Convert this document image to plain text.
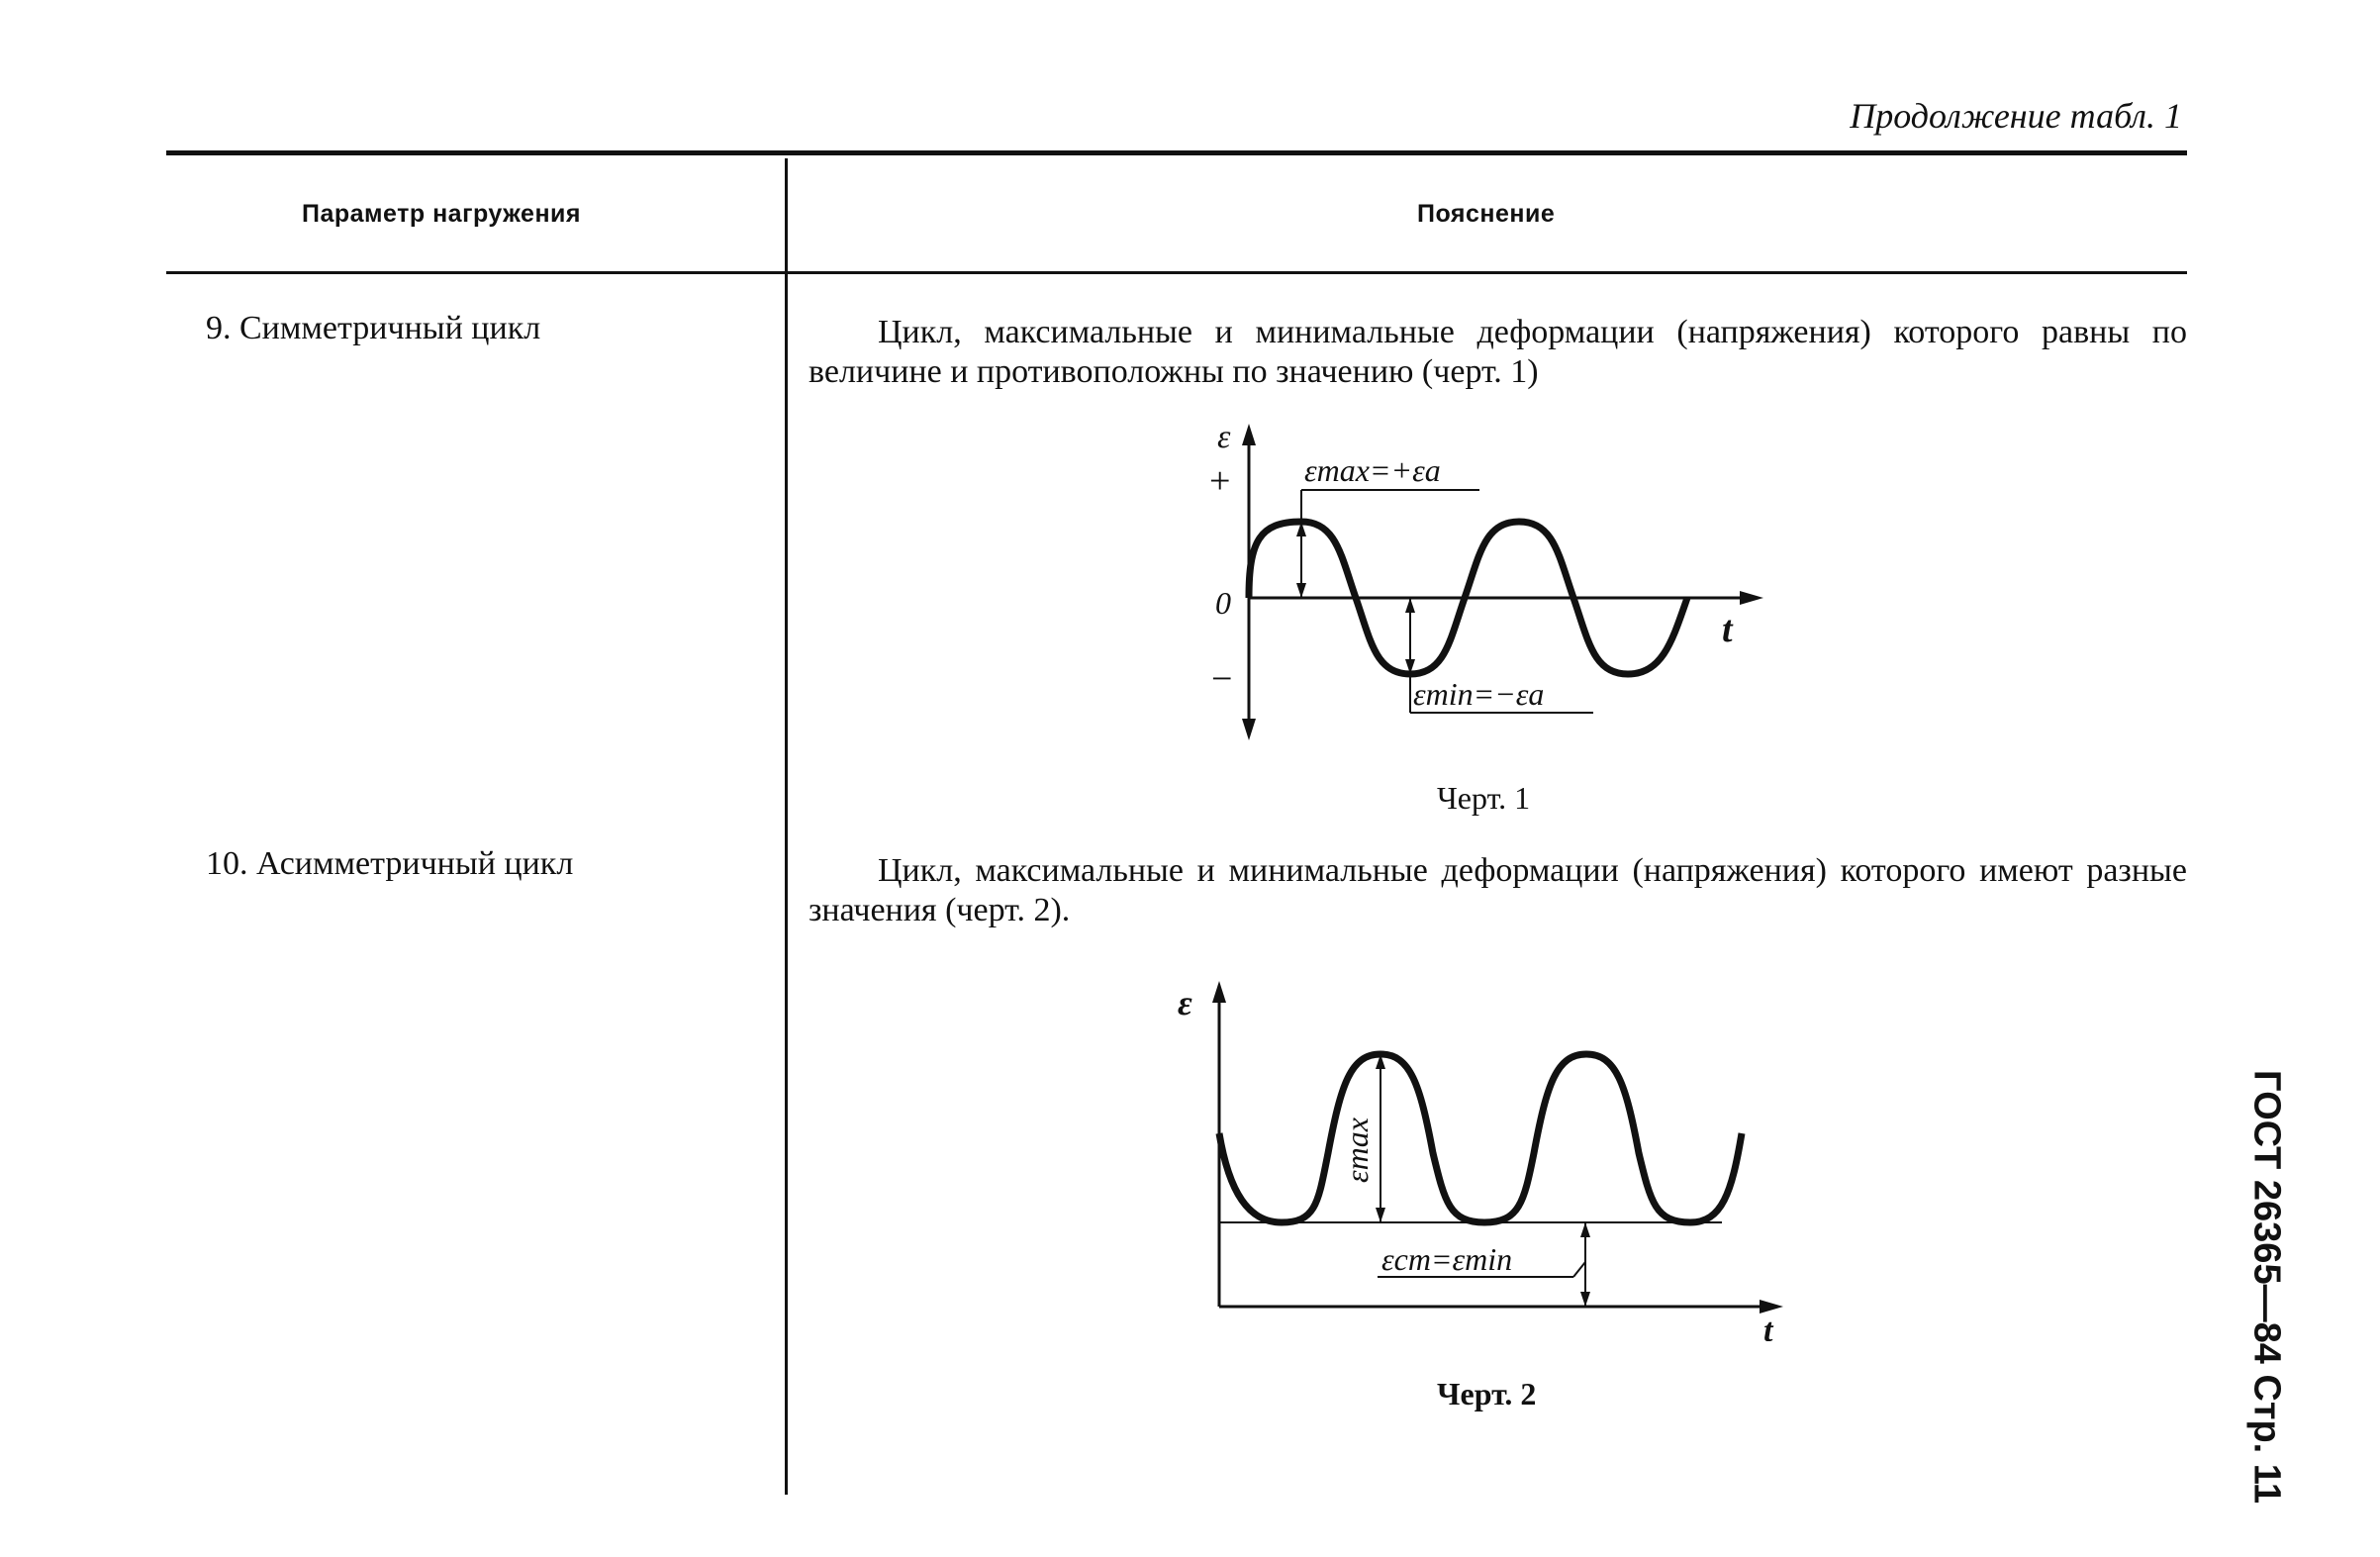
Продолжение табл. 1
Параметр нагружения	Пояснение
9. Симметричный цикл	Цикл, максимальные и минимальные деформации (напряжения) которого равны по величине и противоположны по значению (черт. 1)
ε
+
0
−
t
εmax=+εa
εmin=−εa
Черт. 1
10. Асимметричный цикл	Цикл, максимальные и минимальные деформации (напряжения) которого имеют разные значения (черт. 2).
ε
t
εmax
εст=εmin
Черт. 2	ГОСТ 26365—84 Стр. 11
